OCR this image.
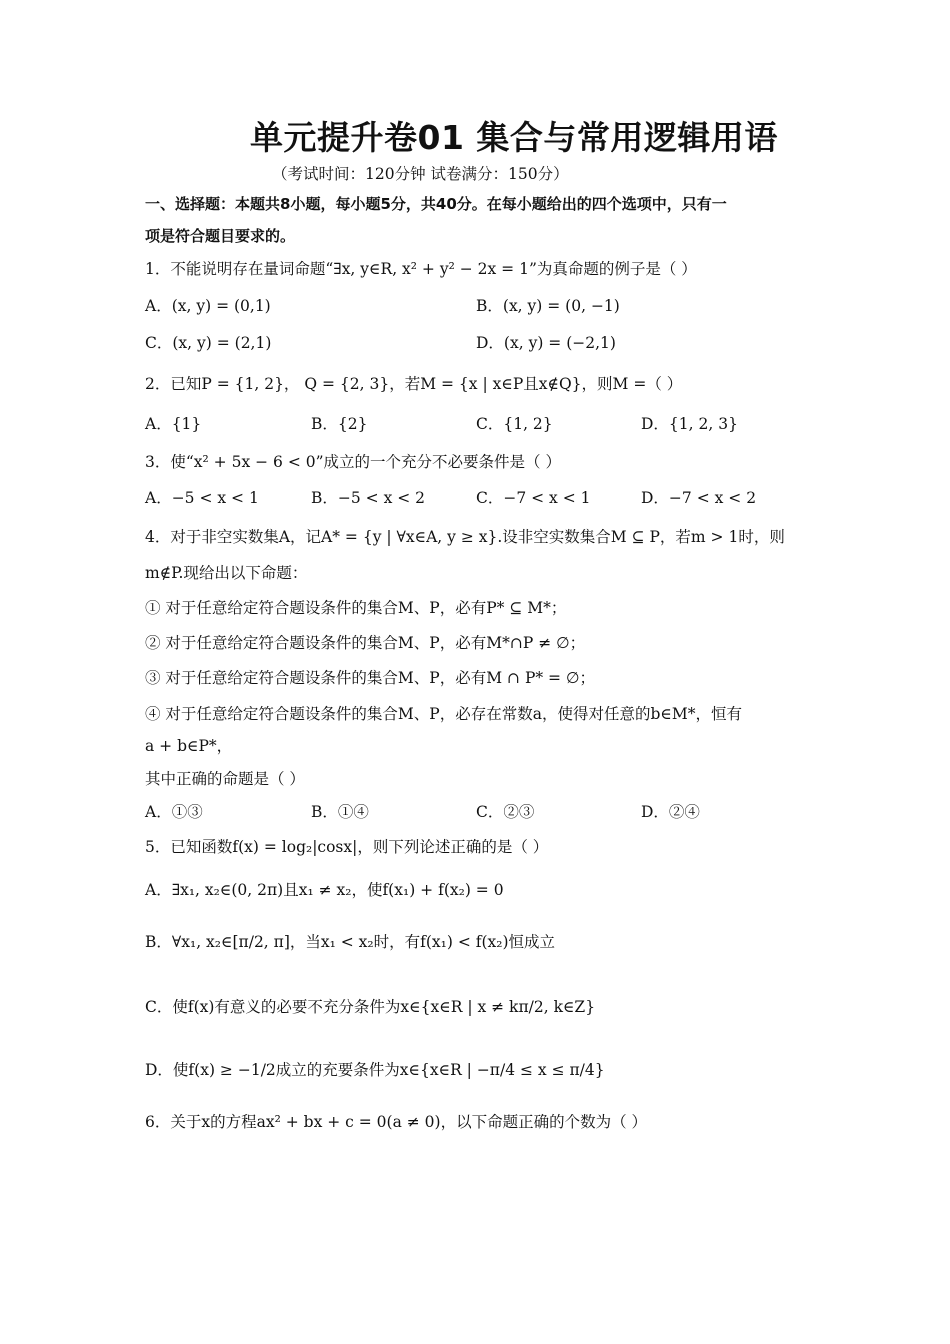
单元提升卷01 集合与常用逻辑用语
（考试时间：120分钟 试卷满分：150分）
一、选择题：本题共8小题，每小题5分，共40分。在每小题给出的四个选项中，只有一
项是符合题目要求的。
1．不能说明存在量词命题“∃x, y∈R, x² + y² − 2x = 1”为真命题的例子是（ ）
A．(x, y) = (0,1)	B．(x, y) = (0, −1)
C．(x, y) = (2,1)	D．(x, y) = (−2,1)
2．已知P = {1, 2}， Q = {2, 3}，若M = {x | x∈P且x∉Q}，则M =（ ）
A．{1}	B．{2}	C．{1, 2}	D．{1, 2, 3}
3．使“x² + 5x − 6 < 0”成立的一个充分不必要条件是（ ）
A．−5 < x < 1	B．−5 < x < 2	C．−7 < x < 1	D．−7 < x < 2
4．对于非空实数集A，记A* = {y | ∀x∈A, y ≥ x}.设非空实数集合M ⊆ P，若m > 1时，则
m∉P.现给出以下命题：
① 对于任意给定符合题设条件的集合M、P，必有P* ⊆ M*；
② 对于任意给定符合题设条件的集合M、P，必有M*∩P ≠ ∅；
③ 对于任意给定符合题设条件的集合M、P，必有M ∩ P* = ∅；
④ 对于任意给定符合题设条件的集合M、P，必存在常数a，使得对任意的b∈M*，恒有
a + b∈P*，
其中正确的命题是（ ）
A．①③	B．①④	C．②③	D．②④
5．已知函数f(x) = log₂|cosx|，则下列论述正确的是（ ）
A．∃x₁, x₂∈(0, 2π)且x₁ ≠ x₂，使f(x₁) + f(x₂) = 0
B．∀x₁, x₂∈[π/2, π]，当x₁ < x₂时，有f(x₁) < f(x₂)恒成立
C．使f(x)有意义的必要不充分条件为x∈{x∈R | x ≠ kπ/2, k∈Z}
D．使f(x) ≥ −1/2成立的充要条件为x∈{x∈R | −π/4 ≤ x ≤ π/4}
6．关于x的方程ax² + bx + c = 0(a ≠ 0)，以下命题正确的个数为（ ）
